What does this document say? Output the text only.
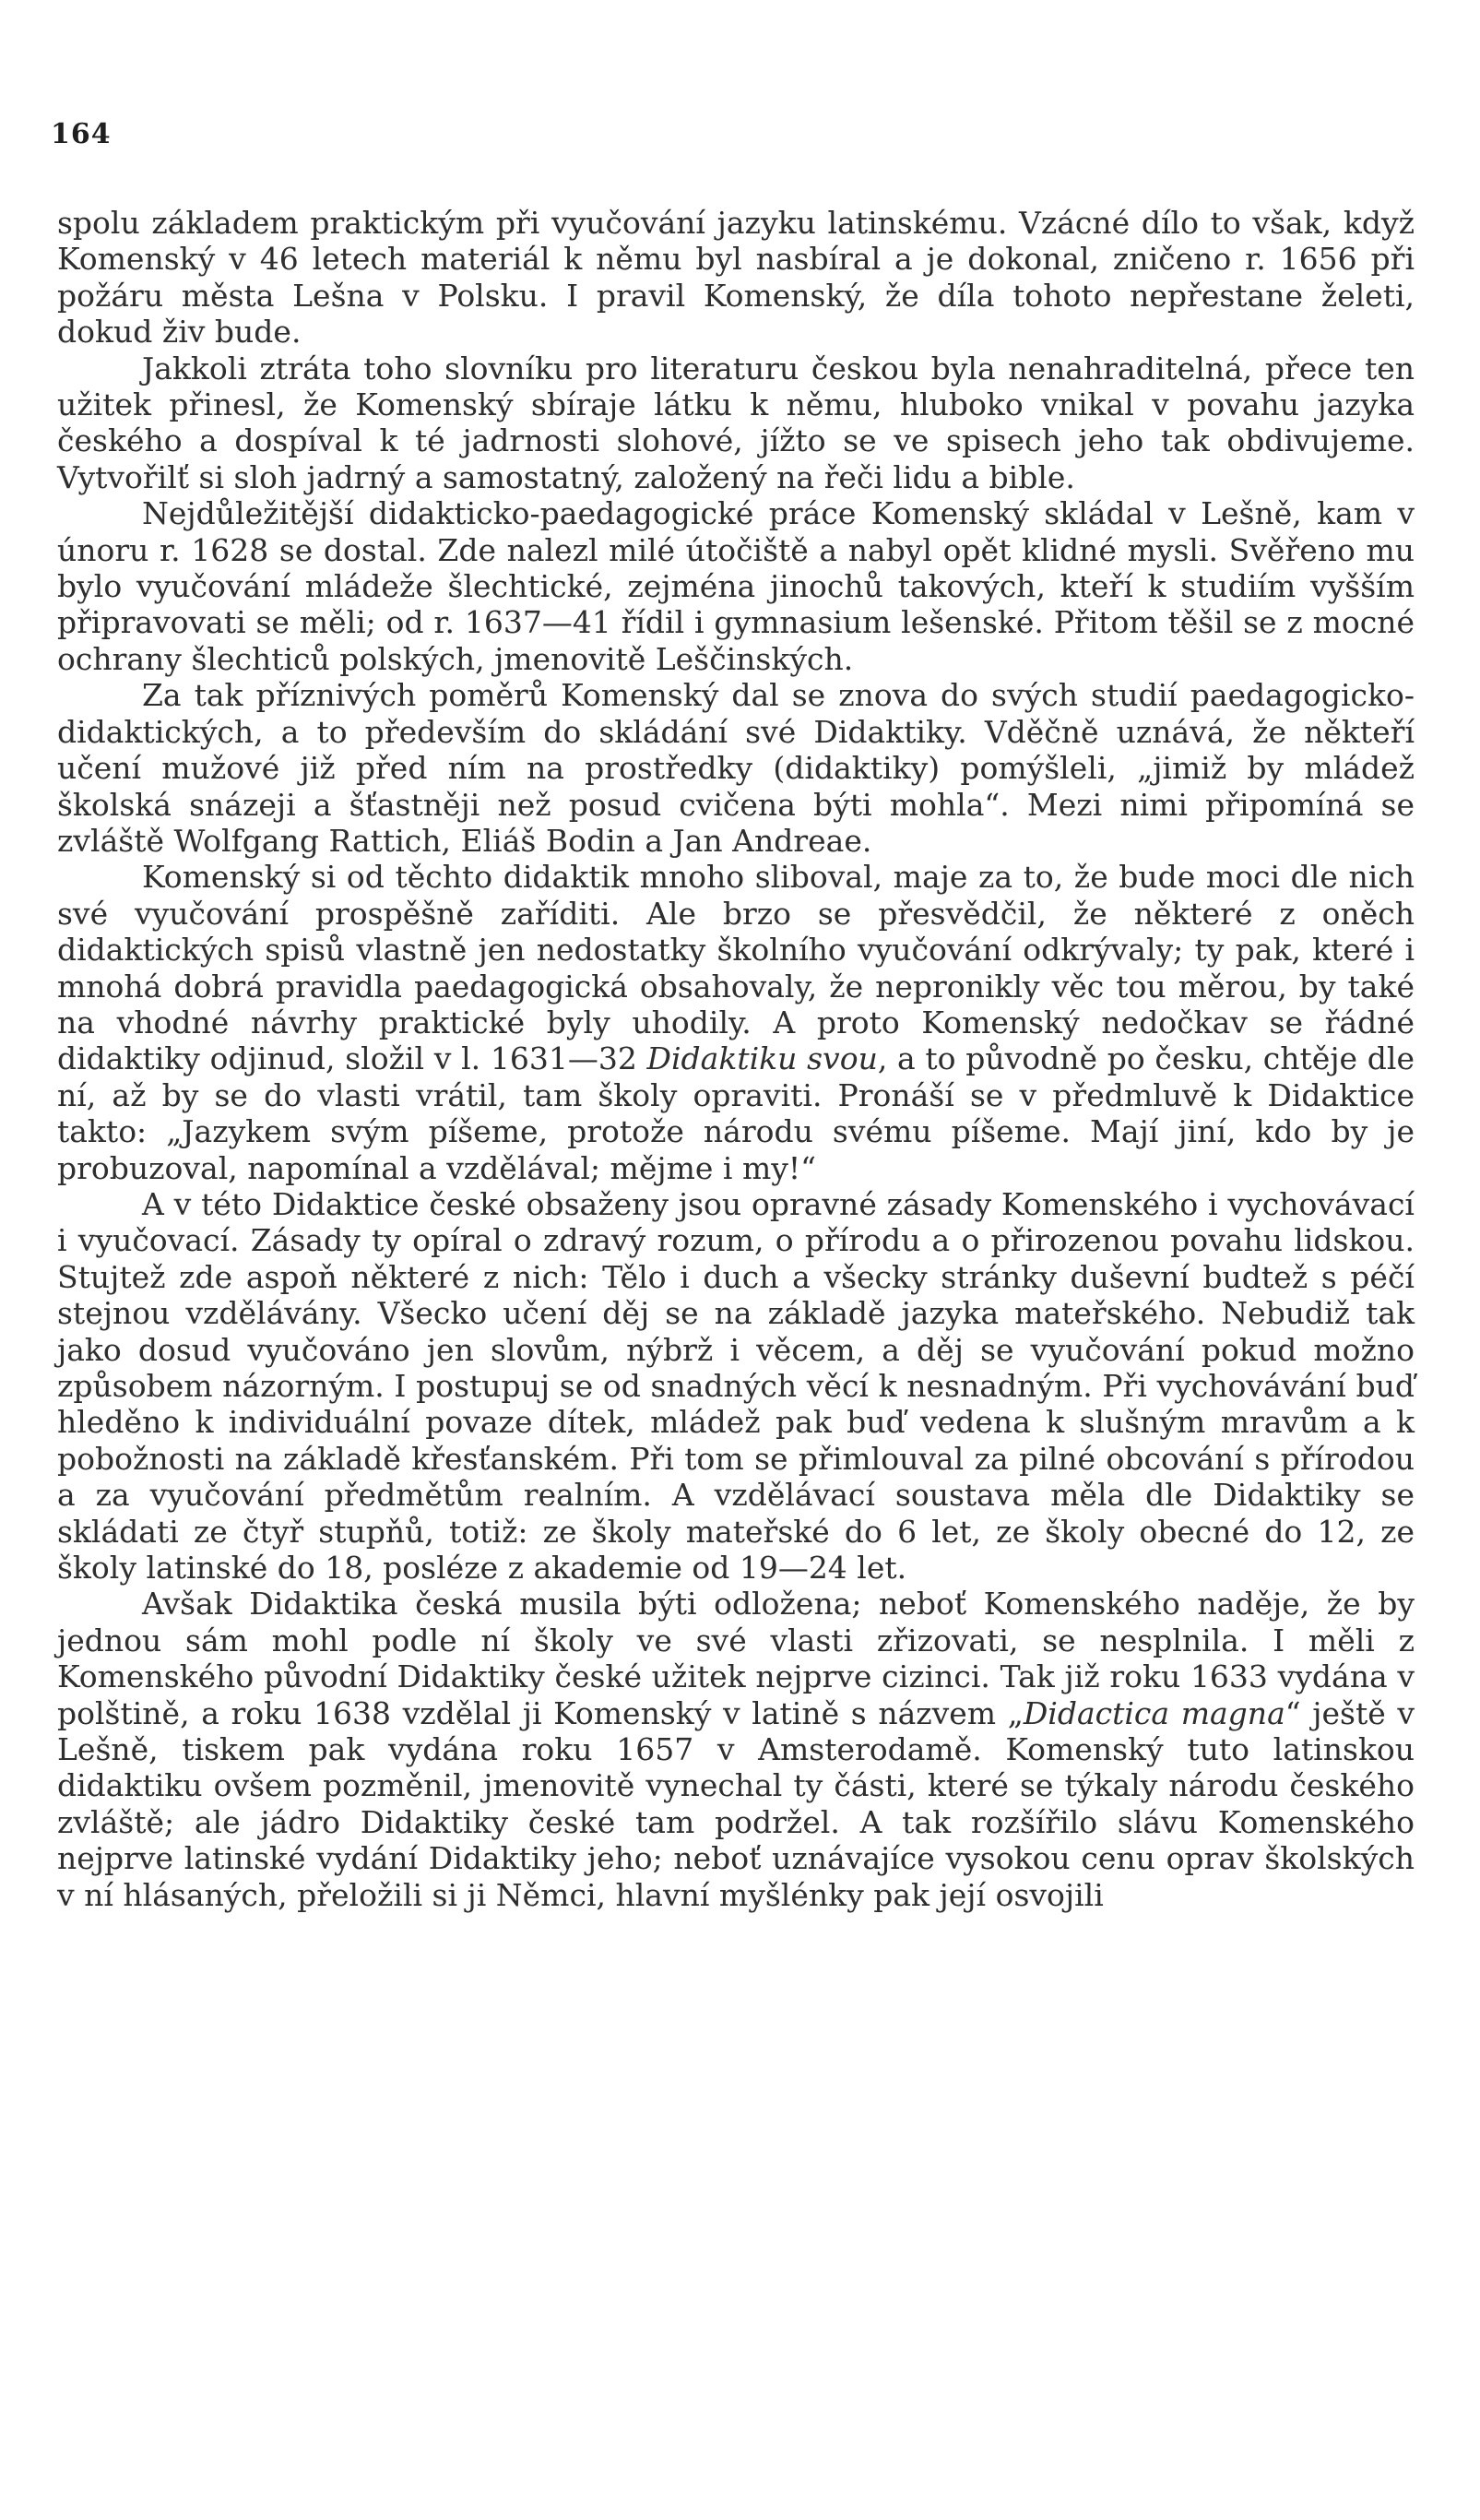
164

spolu základem praktickým při vyučování jazyku latinskému. Vzácné dílo to však, když Komenský v 46 letech materiál k němu byl nasbíral a je dokonal, zničeno r. 1656 při požáru města Lešna v Polsku. I pravil Komenský, že díla tohoto nepřestane želeti, dokud živ bude.

Jakkoli ztráta toho slovníku pro literaturu českou byla nenahraditelná, přece ten užitek přinesl, že Komenský sbíraje látku k němu, hluboko vnikal v povahu jazyka českého a dospíval k té jadrnosti slohové, jížto se ve spisech jeho tak obdivujeme. Vytvořilť si sloh jadrný a samostatný, založený na řeči lidu a bible.

Nejdůležitější didakticko-paedagogické práce Komenský skládal v Lešně, kam v únoru r. 1628 se dostal. Zde nalezl milé útočiště a nabyl opět klidné mysli. Svěřeno mu bylo vyučování mládeže šlechtické, zejména jinochů takových, kteří k studiím vyšším připravovati se měli; od r. 1637—41 řídil i gymnasium lešenské. Přitom těšil se z mocné ochrany šlechticů polských, jmenovitě Leščinských.

Za tak příznivých poměrů Komenský dal se znova do svých studií paedagogicko-didaktických, a to především do skládání své Didaktiky. Vděčně uznává, že někteří učení mužové již před ním na prostředky (didaktiky) pomýšleli, „jimiž by mládež školská snázeji a šťastněji než posud cvičena býti mohla“. Mezi nimi připomíná se zvláště Wolfgang Rattich, Eliáš Bodin a Jan Andreae.

Komenský si od těchto didaktik mnoho sliboval, maje za to, že bude moci dle nich své vyučování prospěšně zaříditi. Ale brzo se přesvědčil, že některé z oněch didaktických spisů vlastně jen nedostatky školního vyučování odkrývaly; ty pak, které i mnohá dobrá pravidla paedagogická obsahovaly, že nepronikly věc tou měrou, by také na vhodné návrhy praktické byly uhodily. A proto Komenský nedočkav se řádné didaktiky odjinud, složil v l. 1631—32 Didaktiku svou, a to původně po česku, chtěje dle ní, až by se do vlasti vrátil, tam školy opraviti. Pronáší se v předmluvě k Didaktice takto: „Jazykem svým píšeme, protože národu svému píšeme. Mají jiní, kdo by je probuzoval, napomínal a vzdělával; mějme i my!“

A v této Didaktice české obsaženy jsou opravné zásady Komenského i vychovávací i vyučovací. Zásady ty opíral o zdravý rozum, o přírodu a o přirozenou povahu lidskou. Stujtež zde aspoň některé z nich: Tělo i duch a všecky stránky duševní budtež s péčí stejnou vzdělávány. Všecko učení děj se na základě jazyka mateřského. Nebudiž tak jako dosud vyučováno jen slovům, nýbrž i věcem, a děj se vyučování pokud možno způsobem názorným. I postupuj se od snadných věcí k nesnadným. Při vychovávání buď hleděno k individuální povaze dítek, mládež pak buď vedena k slušným mravům a k pobožnosti na základě křesťanském. Při tom se přimlouval za pilné obcování s přírodou a za vyučování předmětům realním. A vzdělávací soustava měla dle Didaktiky se skládati ze čtyř stupňů, totiž: ze školy mateřské do 6 let, ze školy obecné do 12, ze školy latinské do 18, posléze z akademie od 19—24 let.

Avšak Didaktika česká musila býti odložena; neboť Komenského naděje, že by jednou sám mohl podle ní školy ve své vlasti zřizovati, se nesplnila. I měli z Komenského původní Didaktiky české užitek nejprve cizinci. Tak již roku 1633 vydána v polštině, a roku 1638 vzdělal ji Komenský v latině s názvem „Didactica magna“ ještě v Lešně, tiskem pak vydána roku 1657 v Amsterodamě. Komenský tuto latinskou didaktiku ovšem pozměnil, jmenovitě vynechal ty části, které se týkaly národu českého zvláště; ale jádro Didaktiky české tam podržel. A tak rozšířilo slávu Komenského nejprve latinské vydání Didaktiky jeho; neboť uznávajíce vysokou cenu oprav školských v ní hlásaných, přeložili si ji Němci, hlavní myšlénky pak její osvojili
